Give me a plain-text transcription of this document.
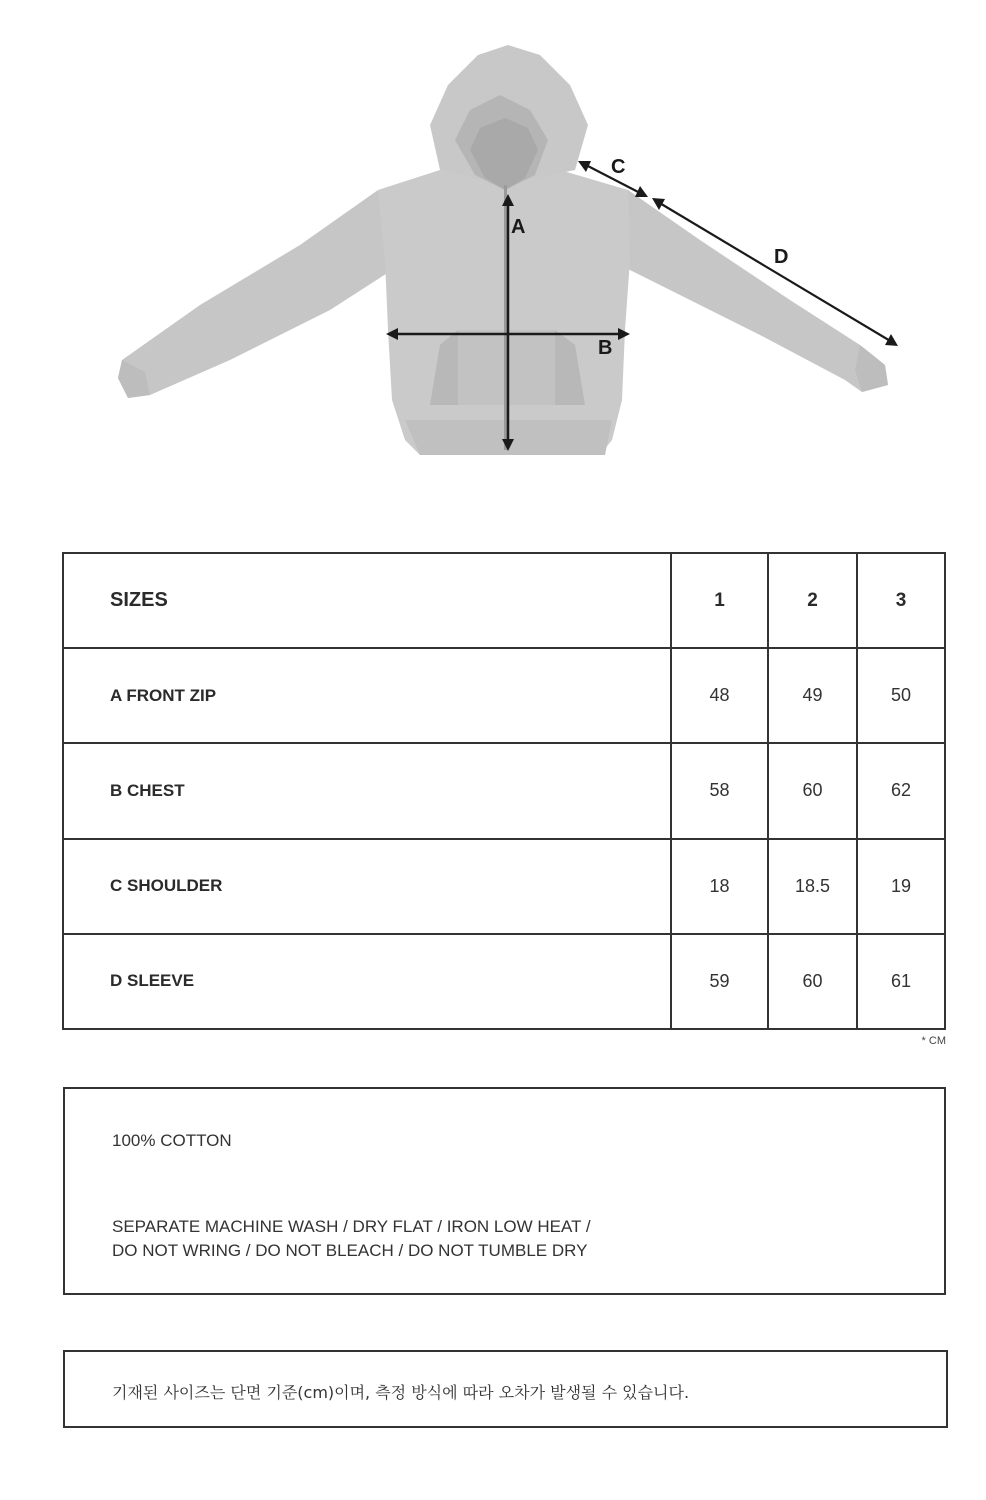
A
B
C
D
SIZES	1	2	3
A FRONT ZIP	48	49	50
B CHEST	58	60	62
C SHOULDER	18	18.5	19
D SLEEVE	59	60	61
* CM
100% COTTON
SEPARATE MACHINE WASH / DRY FLAT / IRON LOW HEAT /
DO NOT WRING / DO NOT BLEACH / DO NOT TUMBLE DRY
기재된 사이즈는 단면 기준(cm)이며, 측정 방식에 따라 오차가 발생될 수 있습니다.
